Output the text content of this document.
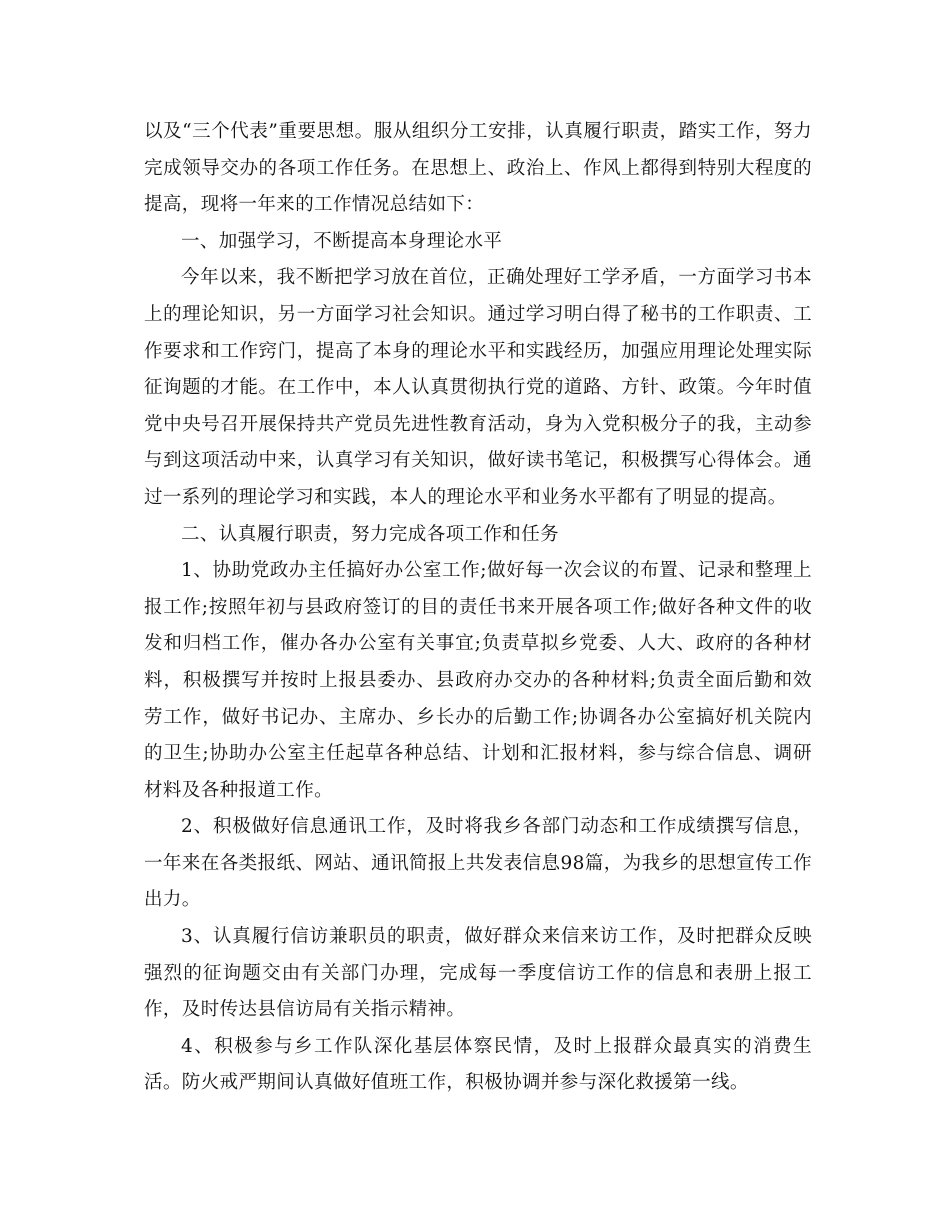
以及“三个代表”重要思想。服从组织分工安排，认真履行职责，踏实工作，努力完成领导交办的各项工作任务。在思想上、政治上、作风上都得到特别大程度的提高，现将一年来的工作情况总结如下：

一、加强学习，不断提高本身理论水平

今年以来，我不断把学习放在首位，正确处理好工学矛盾，一方面学习书本上的理论知识，另一方面学习社会知识。通过学习明白得了秘书的工作职责、工作要求和工作窍门，提高了本身的理论水平和实践经历，加强应用理论处理实际征询题的才能。在工作中，本人认真贯彻执行党的道路、方针、政策。今年时值党中央号召开展保持共产党员先进性教育活动，身为入党积极分子的我，主动参与到这项活动中来，认真学习有关知识，做好读书笔记，积极撰写心得体会。通过一系列的理论学习和实践，本人的理论水平和业务水平都有了明显的提高。

二、认真履行职责，努力完成各项工作和任务

1、协助党政办主任搞好办公室工作;做好每一次会议的布置、记录和整理上报工作;按照年初与县政府签订的目的责任书来开展各项工作;做好各种文件的收发和归档工作，催办各办公室有关事宜;负责草拟乡党委、人大、政府的各种材料，积极撰写并按时上报县委办、县政府办交办的各种材料;负责全面后勤和效劳工作，做好书记办、主席办、乡长办的后勤工作;协调各办公室搞好机关院内的卫生;协助办公室主任起草各种总结、计划和汇报材料，参与综合信息、调研材料及各种报道工作。

2、积极做好信息通讯工作，及时将我乡各部门动态和工作成绩撰写信息，一年来在各类报纸、网站、通讯简报上共发表信息98篇，为我乡的思想宣传工作出力。

3、认真履行信访兼职员的职责，做好群众来信来访工作，及时把群众反映强烈的征询题交由有关部门办理，完成每一季度信访工作的信息和表册上报工作，及时传达县信访局有关指示精神。

4、积极参与乡工作队深化基层体察民情，及时上报群众最真实的消费生活。防火戒严期间认真做好值班工作，积极协调并参与深化救援第一线。
